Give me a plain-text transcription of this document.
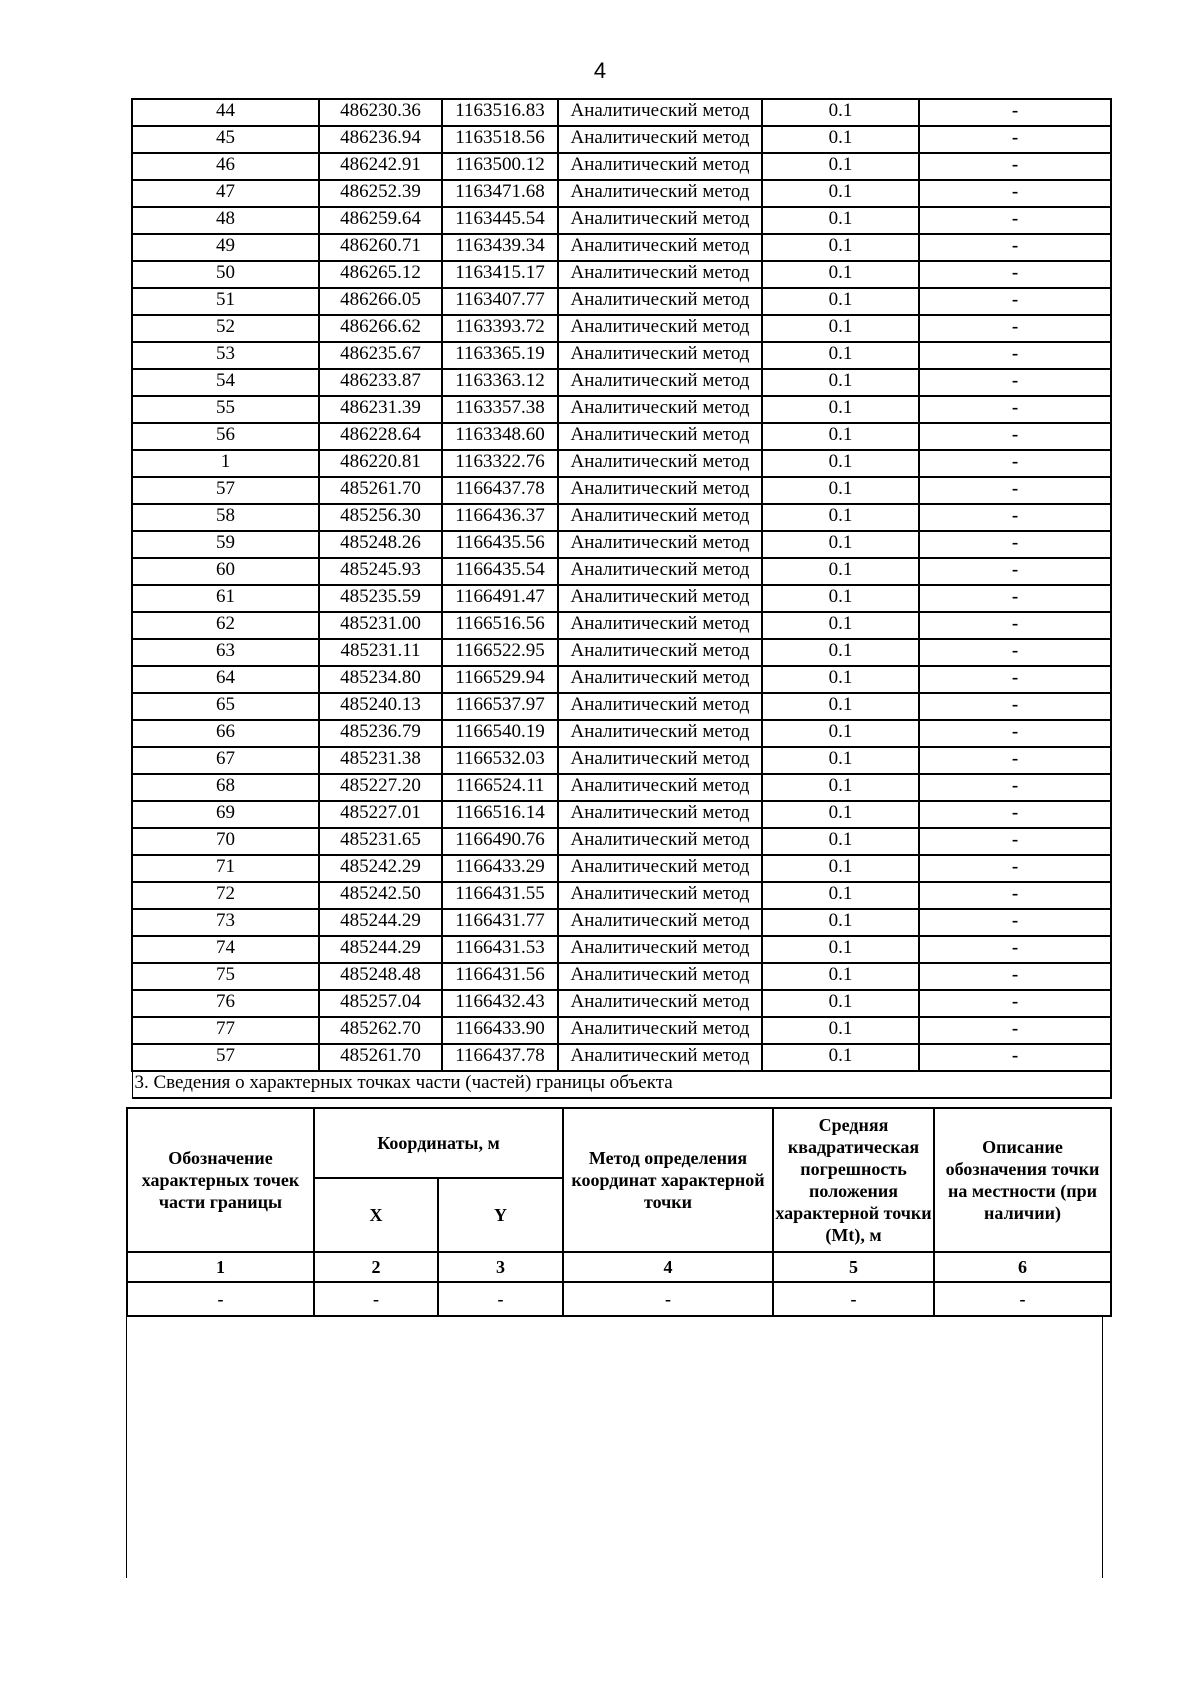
4
44	486230.36	1163516.83	Аналитический метод	0.1	-
45	486236.94	1163518.56	Аналитический метод	0.1	-
46	486242.91	1163500.12	Аналитический метод	0.1	-
47	486252.39	1163471.68	Аналитический метод	0.1	-
48	486259.64	1163445.54	Аналитический метод	0.1	-
49	486260.71	1163439.34	Аналитический метод	0.1	-
50	486265.12	1163415.17	Аналитический метод	0.1	-
51	486266.05	1163407.77	Аналитический метод	0.1	-
52	486266.62	1163393.72	Аналитический метод	0.1	-
53	486235.67	1163365.19	Аналитический метод	0.1	-
54	486233.87	1163363.12	Аналитический метод	0.1	-
55	486231.39	1163357.38	Аналитический метод	0.1	-
56	486228.64	1163348.60	Аналитический метод	0.1	-
1	486220.81	1163322.76	Аналитический метод	0.1	-
57	485261.70	1166437.78	Аналитический метод	0.1	-
58	485256.30	1166436.37	Аналитический метод	0.1	-
59	485248.26	1166435.56	Аналитический метод	0.1	-
60	485245.93	1166435.54	Аналитический метод	0.1	-
61	485235.59	1166491.47	Аналитический метод	0.1	-
62	485231.00	1166516.56	Аналитический метод	0.1	-
63	485231.11	1166522.95	Аналитический метод	0.1	-
64	485234.80	1166529.94	Аналитический метод	0.1	-
65	485240.13	1166537.97	Аналитический метод	0.1	-
66	485236.79	1166540.19	Аналитический метод	0.1	-
67	485231.38	1166532.03	Аналитический метод	0.1	-
68	485227.20	1166524.11	Аналитический метод	0.1	-
69	485227.01	1166516.14	Аналитический метод	0.1	-
70	485231.65	1166490.76	Аналитический метод	0.1	-
71	485242.29	1166433.29	Аналитический метод	0.1	-
72	485242.50	1166431.55	Аналитический метод	0.1	-
73	485244.29	1166431.77	Аналитический метод	0.1	-
74	485244.29	1166431.53	Аналитический метод	0.1	-
75	485248.48	1166431.56	Аналитический метод	0.1	-
76	485257.04	1166432.43	Аналитический метод	0.1	-
77	485262.70	1166433.90	Аналитический метод	0.1	-
57	485261.70	1166437.78	Аналитический метод	0.1	-
3. Сведения о характерных точках части (частей) границы объекта					
Обозначение характерных точек части границы	Координаты, м		Метод определения координат характерной точки	Средняя квадратическая погрешность положения характерной точки (Mt), м	Описание обозначения точки на местности (при наличии)
	X	Y			
1	2	3	4	5	6
-	-	-	-	-	-
